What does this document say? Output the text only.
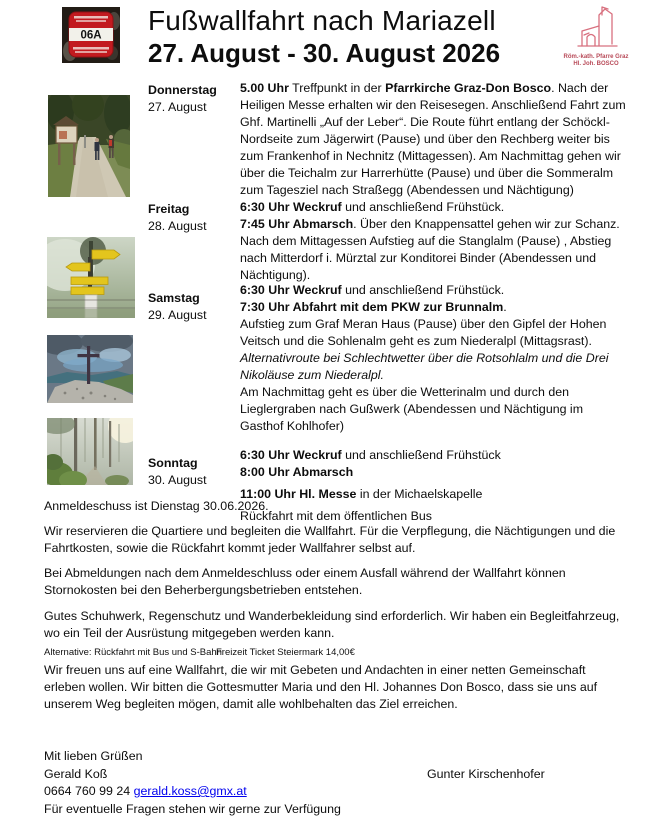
06A Fußwallfahrt nach Mariazell
27. August - 30. August 2026	Röm.-kath. Pfarre Graz
Hl. Joh. BOSCO
Donnerstag
27. August

5.00 Uhr Treffpunkt in der Pfarrkirche Graz-Don Bosco. Nach der Heiligen Messe erhalten wir den Reisesegen. Anschließend Fahrt zum Ghf. Martinelli „Auf der Leber“. Die Route führt entlang der Schöckl-Nordseite zum Jägerwirt (Pause) und über den Rechberg weiter bis zum Frankenhof in Nechnitz (Mittagessen). Am Nachmittag gehen wir über die Teichalm zur Harrerhütte (Pause) und über die Sommeralm zum Tagesziel nach Straßegg (Abendessen und Nächtigung)

Freitag
28. August

6:30 Uhr Weckruf und anschließend Frühstück.

7:45 Uhr Abmarsch. Über den Knappensattel gehen wir zur Schanz. Nach dem Mittagessen Aufstieg auf die Stanglalm (Pause) , Abstieg nach Mitterdorf i. Mürztal zur Konditorei Binder (Abendessen und Nächtigung).

Samstag
29. August

6:30 Uhr Weckruf und anschließend Frühstück.

7:30 Uhr Abfahrt mit dem PKW zur Brunnalm.

Aufstieg zum Graf Meran Haus (Pause) über den Gipfel der Hohen Veitsch und die Sohlenalm geht es zum Niederalpl (Mittagsrast).

Alternativroute bei Schlechtwetter über die Rotsohlalm und die Drei Nikoläuse zum Niederalpl.

Am Nachmittag geht es über die Wetterinalm und durch den Lieglergraben nach Gußwerk (Abendessen und Nächtigung im Gasthof Kohlhofer)

Sonntag
30. August

6:30 Uhr Weckruf und anschließend Frühstück

8:00 Uhr Abmarsch

11:00 Uhr Hl. Messe in der Michaelskapelle

Rückfahrt mit dem öffentlichen Bus

Anmeldeschuss ist Dienstag 30.06.2026.

Wir reservieren die Quartiere und begleiten die Wallfahrt. Für die Verpflegung, die Nächtigungen und die Fahrtkosten, sowie die Rückfahrt kommt jeder Wallfahrer selbst auf.

Bei Abmeldungen nach dem Anmeldeschluss oder einem Ausfall während der Wallfahrt können Stornokosten bei den Beherbergungsbetrieben entstehen.

Gutes Schuhwerk, Regenschutz und Wanderbekleidung sind erforderlich. Wir haben ein Begleitfahrzeug, wo ein Teil der Ausrüstung mitgegeben werden kann.

Alternative: Rückfahrt mit Bus und S-Bahn
Freizeit Ticket Steiermark 14,00€

Wir freuen uns auf eine Wallfahrt, die wir mit Gebeten und Andachten in einer netten Gemeinschaft erleben wollen. Wir bitten die Gottesmutter Maria und den Hl. Johannes Don Bosco, dass sie uns auf unserem Weg begleiten mögen, damit alle wohlbehalten das Ziel erreichen.

Mit lieben Grüßen
Gerald Koß	Gunter Kirschenhofer
0664 760 99 24 gerald.koss@gmx.at
Für eventuelle Fragen stehen wir gerne zur Verfügung
